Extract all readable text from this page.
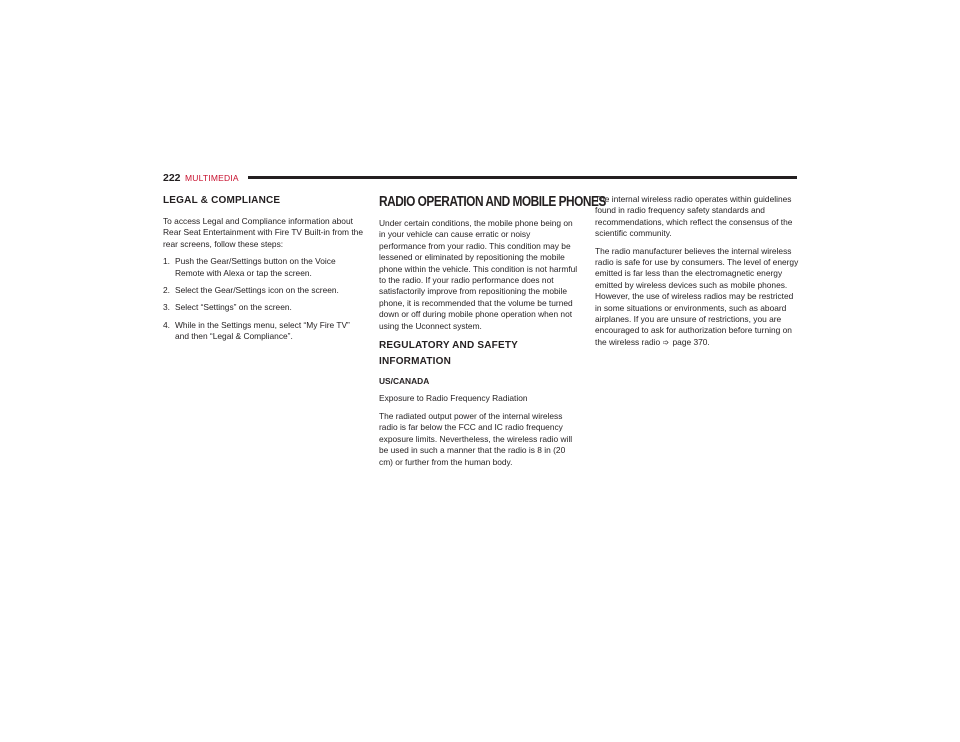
222 MULTIMEDIA
LEGAL & COMPLIANCE

To access Legal and Compliance information about Rear Seat Entertainment with Fire TV Built-in from the rear screens, follow these steps:

1. Push the Gear/Settings button on the Voice Remote with Alexa or tap the screen.
2. Select the Gear/Settings icon on the screen.
3. Select “Settings” on the screen.
4. While in the Settings menu, select “My Fire TV” and then “Legal & Compliance”.
RADIO OPERATION AND MOBILE PHONES

Under certain conditions, the mobile phone being on in your vehicle can cause erratic or noisy performance from your radio. This condition may be lessened or eliminated by repositioning the mobile phone within the vehicle. This condition is not harmful to the radio. If your radio performance does not satisfactorily improve from repositioning the mobile phone, it is recommended that the volume be turned down or off during mobile phone operation when not using the Uconnect system.

REGULATORY AND SAFETY INFORMATION

US/CANADA

Exposure to Radio Frequency Radiation

The radiated output power of the internal wireless radio is far below the FCC and IC radio frequency exposure limits. Nevertheless, the wireless radio will be used in such a manner that the radio is 8 in (20 cm) or further from the human body.

The internal wireless radio operates within guidelines found in radio frequency safety standards and recommendations, which reflect the consensus of the scientific community.

The radio manufacturer believes the internal wireless radio is safe for use by consumers. The level of energy emitted is far less than the electromagnetic energy emitted by wireless devices such as mobile phones. However, the use of wireless radios may be restricted in some situations or environments, such as aboard airplanes. If you are unsure of restrictions, you are encouraged to ask for authorization before turning on the wireless radio ➩ page 370.
